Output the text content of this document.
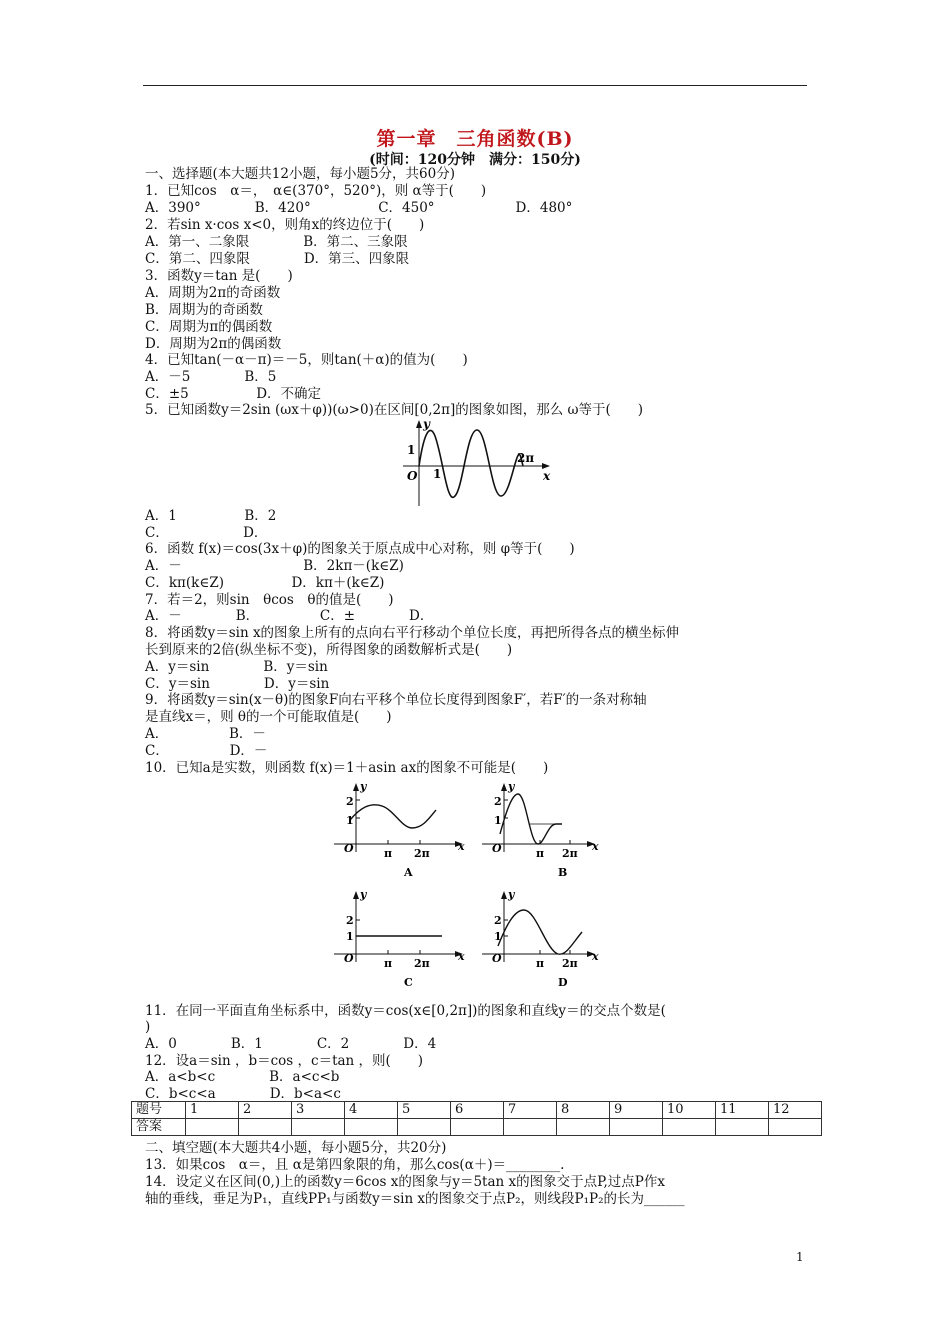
第一章　三角函数(B)
(时间：120分钟　满分：150分)
一、选择题(本大题共12小题，每小题5分，共60分)
1．已知cos　α＝，　α∈(370°，520°)，则 α等于(　　)
A．390°　　　　B．420°　　　　　C．450°　　　　　　D．480°
2．若sin x·cos x<0，则角x的终边位于(　　)
A．第一、二象限　　　　B．第二、三象限
C．第二、四象限　　　　D．第三、四象限
3．函数y＝tan 是(　　)
A．周期为2π的奇函数
B．周期为的奇函数
C．周期为π的偶函数
D．周期为2π的偶函数
4．已知tan(－α－π)＝－5，则tan(＋α)的值为(　　)
A．－5　　　　B．5
C．±5　　　　　D．不确定
5．已知函数y＝2sin (ωx＋φ))(ω>0)在区间[0,2π]的图象如图，那么 ω等于(　　)
1
y
O 1
2π
x
A．1　　　　　B．2
C．　　　　　　D．
6．函数 f(x)＝cos(3x＋φ)的图象关于原点成中心对称，则 φ等于(　　)
A．－　　　　　　　　　B．2kπ－(k∈Z)
C．kπ(k∈Z)　　　　　D．kπ＋(k∈Z)
7．若＝2，则sin　θcos　θ的值是(　　)
A．－　　　　B．　　　　　C．±　　　　D．
8．将函数y＝sin x的图象上所有的点向右平行移动个单位长度，再把所得各点的横坐标伸
长到原来的2倍(纵坐标不变)，所得图象的函数解析式是(　　)
A．y＝sin　　　　B．y＝sin
C．y＝sin　　　　D．y＝sin
9．将函数y＝sin(x－θ)的图象F向右平移个单位长度得到图象F′，若F′的一条对称轴
是直线x＝，则 θ的一个可能取值是(　　)
A．　　　　　B．－
C．　　　　　D．－
10．已知a是实数，则函数 f(x)＝1＋asin ax的图象不可能是(　　)
y
2
1
O	π 2π
x
A
y
2
1
O	π 2π
x
B
y
2
1
O	π 2π
x
C
y
2
1
O	π 2π
x
D
11．在同一平面直角坐标系中，函数y＝cos(x∈[0,2π])的图象和直线y＝的交点个数是(
)
A．0　　　　B．1　　　　C．2　　　　D．4
12．设a＝sin ，b＝cos ，c＝tan ，则(　　)
A．a<b<c　　　　B．a<c<b
C．b<c<a　　　　D．b<a<c
题号	1	2	3	4	5	6	7	8	9	10	11	12
答案												
二、填空题(本大题共4小题，每小题5分，共20分)
13．如果cos　α＝，且 α是第四象限的角，那么cos(α＋)＝________.
14．设定义在区间(0,)上的函数y＝6cos x的图象与y＝5tan x的图象交于点P,过点P作x
轴的垂线，垂足为P₁，直线PP₁与函数y＝sin x的图象交于点P₂，则线段P₁P₂的长为______
1
